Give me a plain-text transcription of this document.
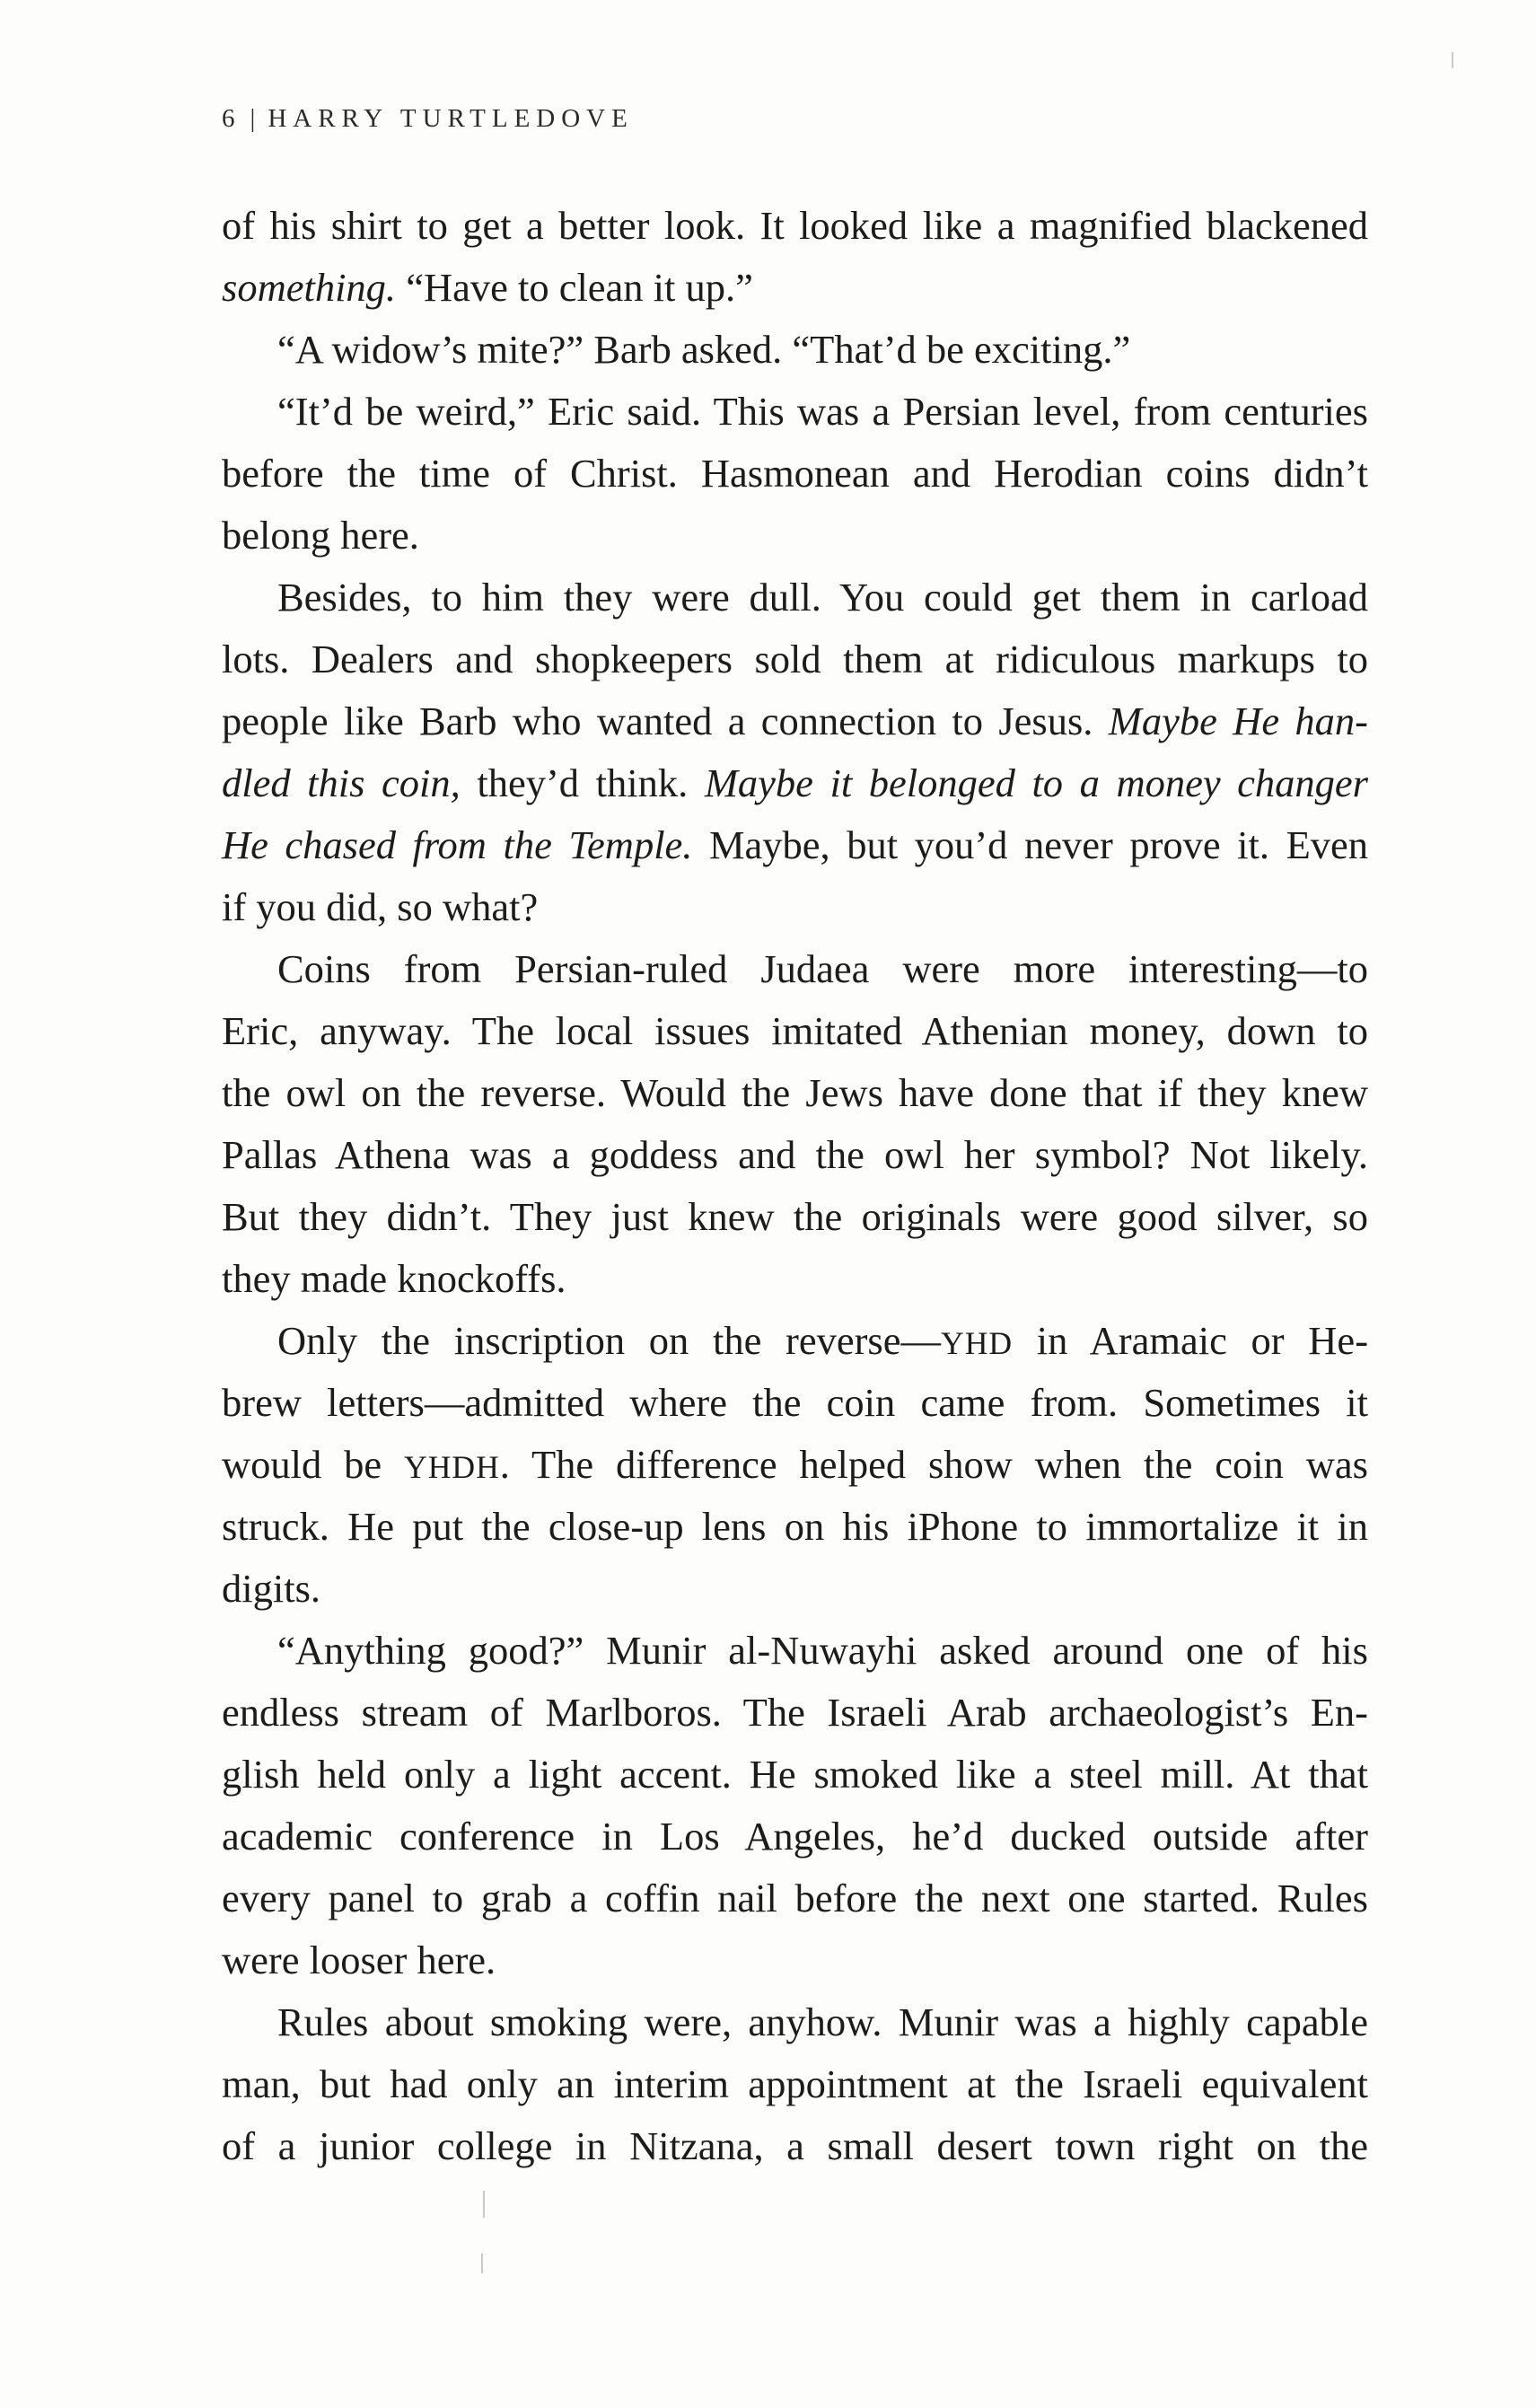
6 | HARRY TURTLEDOVE
of his shirt to get a better look. It looked like a magnified blackened
something. “Have to clean it up.”
“A widow’s mite?” Barb asked. “That’d be exciting.”
“It’d be weird,” Eric said. This was a Persian level, from centuries
before the time of Christ. Hasmonean and Herodian coins didn’t
belong here.
Besides, to him they were dull. You could get them in carload
lots. Dealers and shopkeepers sold them at ridiculous markups to
people like Barb who wanted a connection to Jesus. Maybe He han-
dled this coin, they’d think. Maybe it belonged to a money changer
He chased from the Temple. Maybe, but you’d never prove it. Even
if you did, so what?
Coins from Persian-ruled Judaea were more interesting—to
Eric, anyway. The local issues imitated Athenian money, down to
the owl on the reverse. Would the Jews have done that if they knew
Pallas Athena was a goddess and the owl her symbol? Not likely.
But they didn’t. They just knew the originals were good silver, so
they made knockoffs.
Only the inscription on the reverse—YHD in Aramaic or He-
brew letters—admitted where the coin came from. Sometimes it
would be YHDH. The difference helped show when the coin was
struck. He put the close-up lens on his iPhone to immortalize it in
digits.
“Anything good?” Munir al-Nuwayhi asked around one of his
endless stream of Marlboros. The Israeli Arab archaeologist’s En-
glish held only a light accent. He smoked like a steel mill. At that
academic conference in Los Angeles, he’d ducked outside after
every panel to grab a coffin nail before the next one started. Rules
were looser here.
Rules about smoking were, anyhow. Munir was a highly capable
man, but had only an interim appointment at the Israeli equivalent
of a junior college in Nitzana, a small desert town right on the
